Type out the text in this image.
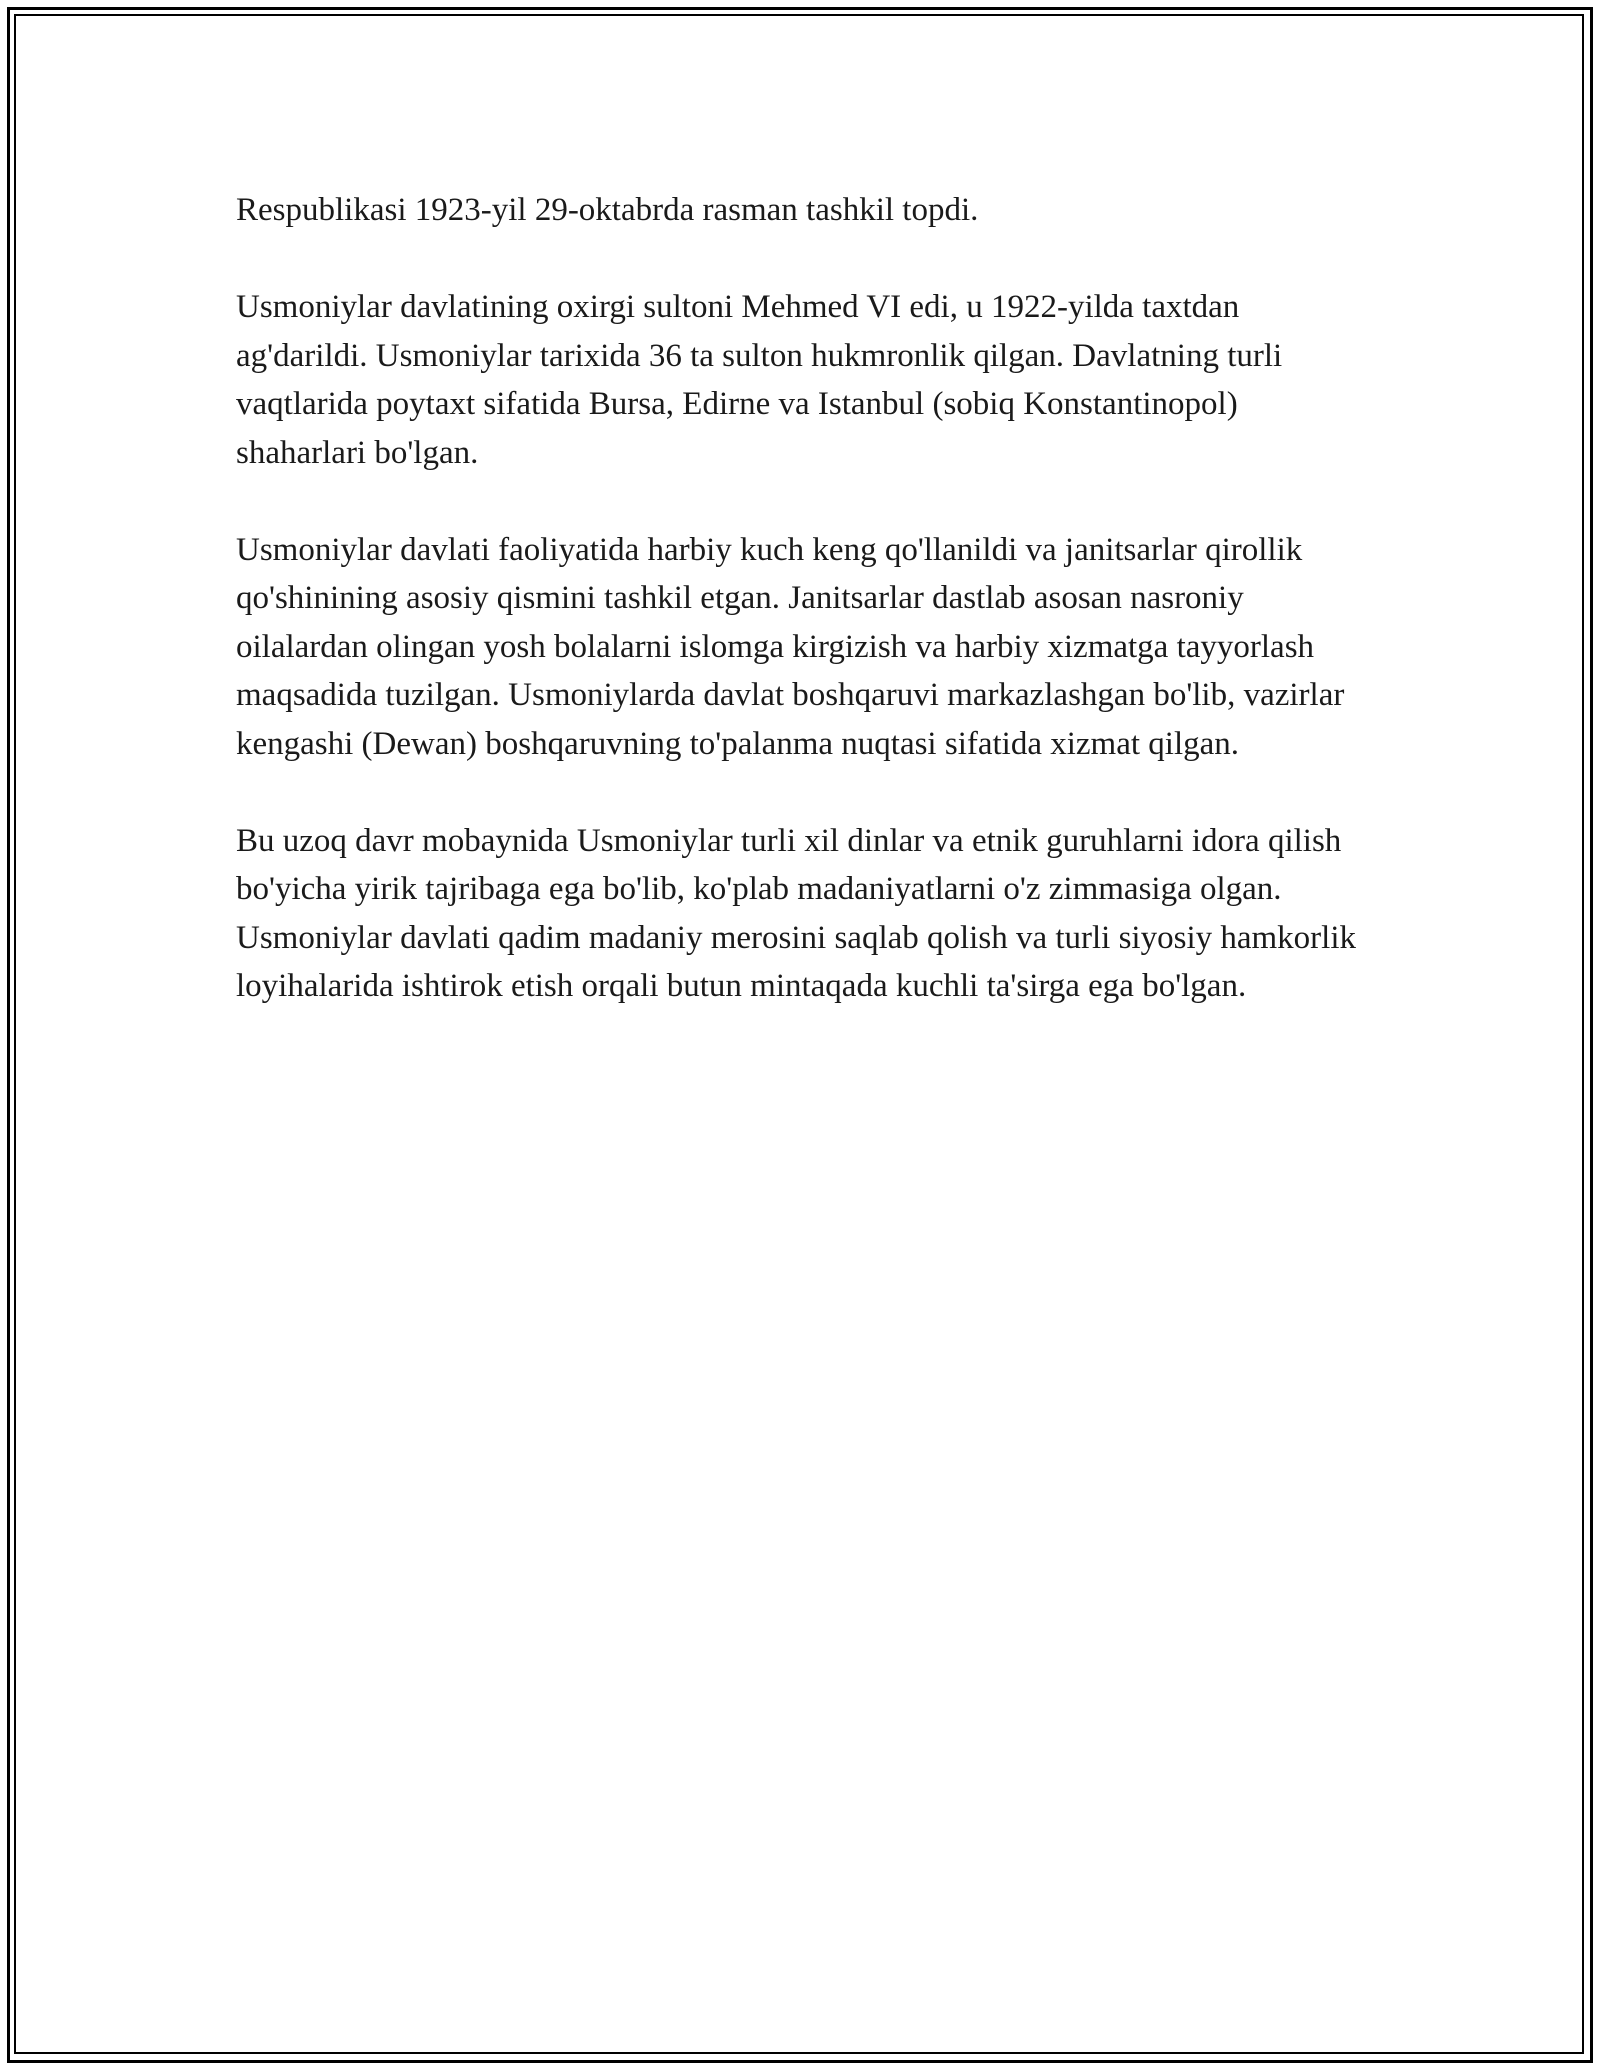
Respublikasi 1923-yil 29-oktabrda rasman tashkil topdi.

Usmoniylar davlatining oxirgi sultoni Mehmed VI edi, u 1922-yilda taxtdan ag'darildi. Usmoniylar tarixida 36 ta sulton hukmronlik qilgan. Davlatning turli vaqtlarida poytaxt sifatida Bursa, Edirne va Istanbul (sobiq Konstantinopol) shaharlari bo'lgan.

Usmoniylar davlati faoliyatida harbiy kuch keng qo'llanildi va janitsarlar qirollik qo'shinining asosiy qismini tashkil etgan. Janitsarlar dastlab asosan nasroniy oilalardan olingan yosh bolalarni islomga kirgizish va harbiy xizmatga tayyorlash maqsadida tuzilgan. Usmoniylarda davlat boshqaruvi markazlashgan bo'lib, vazirlar kengashi (Dewan) boshqaruvning to'palanma nuqtasi sifatida xizmat qilgan.

Bu uzoq davr mobaynida Usmoniylar turli xil dinlar va etnik guruhlarni idora qilish bo'yicha yirik tajribaga ega bo'lib, ko'plab madaniyatlarni o'z zimmasiga olgan. Usmoniylar davlati qadim madaniy merosini saqlab qolish va turli siyosiy hamkorlik loyihalarida ishtirok etish orqali butun mintaqada kuchli ta'sirga ega bo'lgan.
